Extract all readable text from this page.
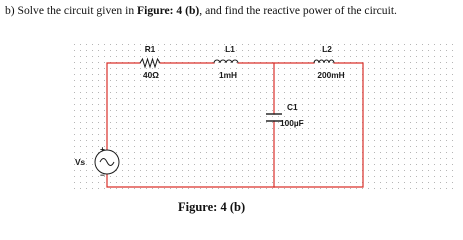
b) Solve the circuit given in Figure: 4 (b), and find the reactive power of the circuit.
+
−
R1
40Ω
L1
1mH
L2
200mH
C1
100µF
Vs
Figure: 4 (b)
